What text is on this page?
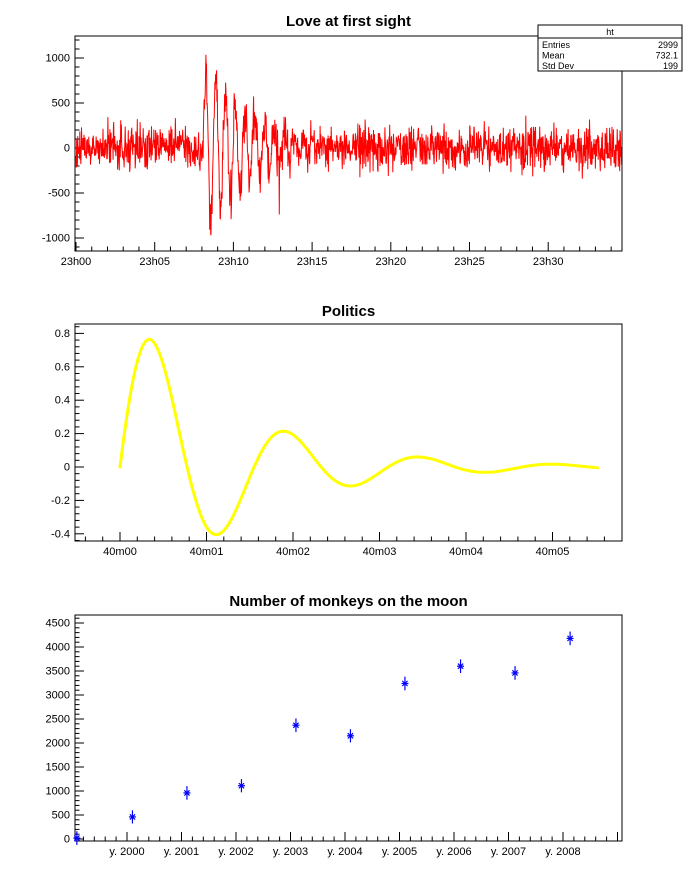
Love at first sight
23h00	23h05	23h10	23h15	23h20	23h25	23h30
1000
500
0
-500
-1000
ht
Entries	2999
Mean	732.1
Std Dev	199
Politics
40m00	40m01	40m02	40m03	40m04	40m05
0.8
0.6
0.4
0.2
0
-0.2
-0.4
Number of monkeys on the moon
y. 2000 y. 2001 y. 2002 y. 2003 y. 2004 y. 2005 y. 2006 y. 2007 y. 2008
4500
4000
3500
3000
2500
2000
1500
1000
500
0
